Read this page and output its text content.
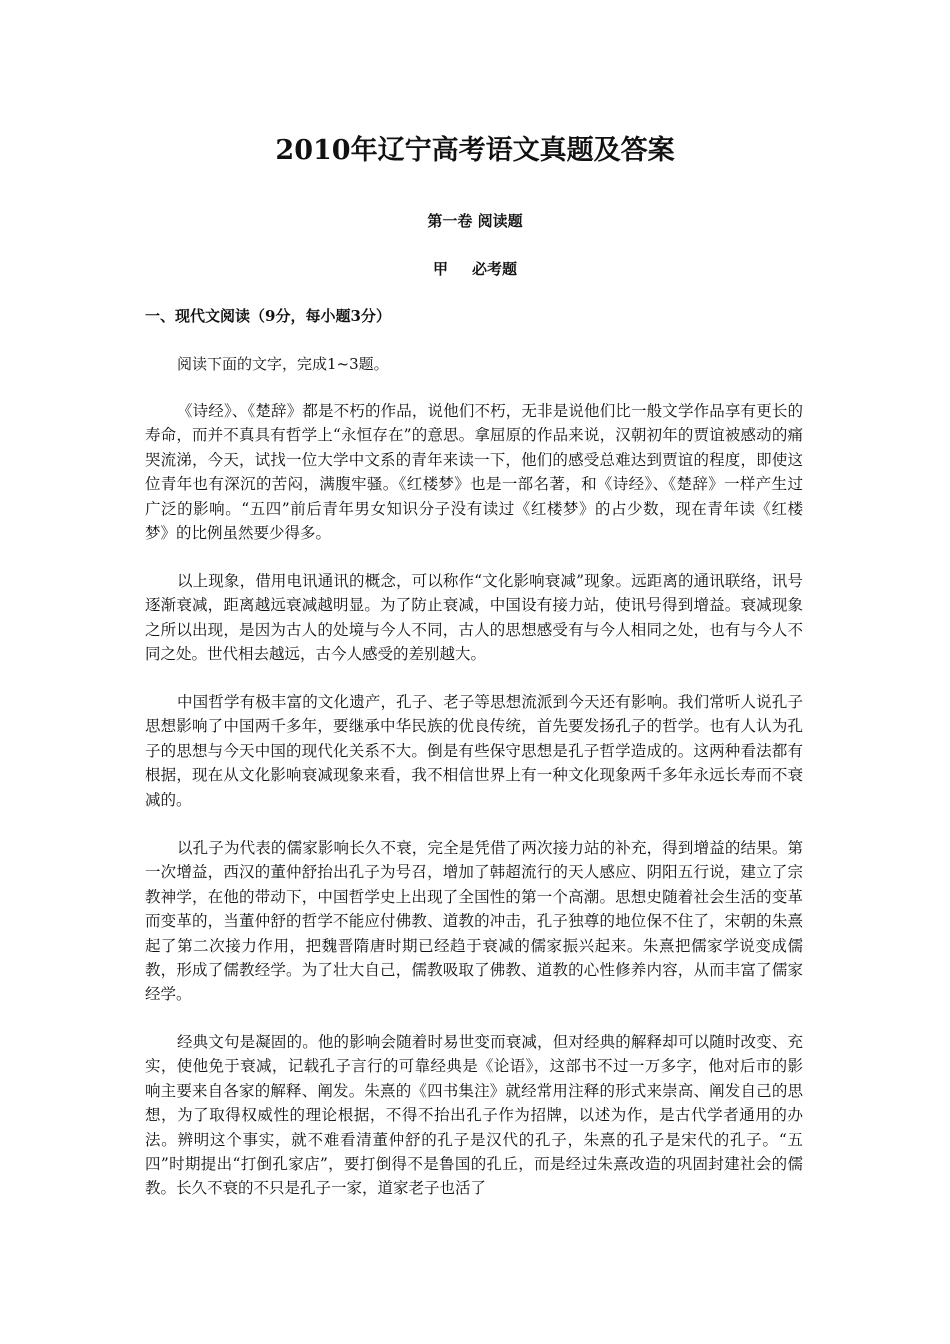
2010年辽宁高考语文真题及答案
第一卷 阅读题
甲 必考题
一、现代文阅读（9分，每小题3分）
阅读下面的文字，完成1~3题。

《诗经》、《楚辞》都是不朽的作品，说他们不朽，无非是说他们比一般文学作品享有更长的寿命，而并不真具有哲学上“永恒存在”的意思。拿屈原的作品来说，汉朝初年的贾谊被感动的痛哭流涕，今天，试找一位大学中文系的青年来读一下，他们的感受总难达到贾谊的程度，即使这位青年也有深沉的苦闷，满腹牢骚。《红楼梦》也是一部名著，和《诗经》、《楚辞》一样产生过广泛的影响。“五四”前后青年男女知识分子没有读过《红楼梦》的占少数，现在青年读《红楼梦》的比例虽然要少得多。

以上现象，借用电讯通讯的概念，可以称作“文化影响衰减”现象。远距离的通讯联络，讯号逐渐衰减，距离越远衰减越明显。为了防止衰减，中国设有接力站，使讯号得到增益。衰减现象之所以出现，是因为古人的处境与今人不同，古人的思想感受有与今人相同之处，也有与今人不同之处。世代相去越远，古今人感受的差别越大。

中国哲学有极丰富的文化遗产，孔子、老子等思想流派到今天还有影响。我们常听人说孔子思想影响了中国两千多年，要继承中华民族的优良传统，首先要发扬孔子的哲学。也有人认为孔子的思想与今天中国的现代化关系不大。倒是有些保守思想是孔子哲学造成的。这两种看法都有根据，现在从文化影响衰减现象来看，我不相信世界上有一种文化现象两千多年永远长寿而不衰减的。

以孔子为代表的儒家影响长久不衰，完全是凭借了两次接力站的补充，得到增益的结果。第一次增益，西汉的董仲舒抬出孔子为号召，增加了韩超流行的天人感应、阴阳五行说，建立了宗教神学，在他的带动下，中国哲学史上出现了全国性的第一个高潮。思想史随着社会生活的变革而变革的，当董仲舒的哲学不能应付佛教、道教的冲击，孔子独尊的地位保不住了，宋朝的朱熹起了第二次接力作用，把魏晋隋唐时期已经趋于衰减的儒家振兴起来。朱熹把儒家学说变成儒教，形成了儒教经学。为了壮大自己，儒教吸取了佛教、道教的心性修养内容，从而丰富了儒家经学。

经典文句是凝固的。他的影响会随着时易世变而衰减，但对经典的解释却可以随时改变、充实，使他免于衰减，记载孔子言行的可靠经典是《论语》，这部书不过一万多字，他对后市的影响主要来自各家的解释、阐发。朱熹的《四书集注》就经常用注释的形式来崇高、阐发自己的思想，为了取得权威性的理论根据，不得不抬出孔子作为招牌，以述为作，是古代学者通用的办法。辨明这个事实，就不难看清董仲舒的孔子是汉代的孔子，朱熹的孔子是宋代的孔子。“五四”时期提出“打倒孔家店”，要打倒得不是鲁国的孔丘，而是经过朱熹改造的巩固封建社会的儒教。长久不衰的不只是孔子一家，道家老子也活了
